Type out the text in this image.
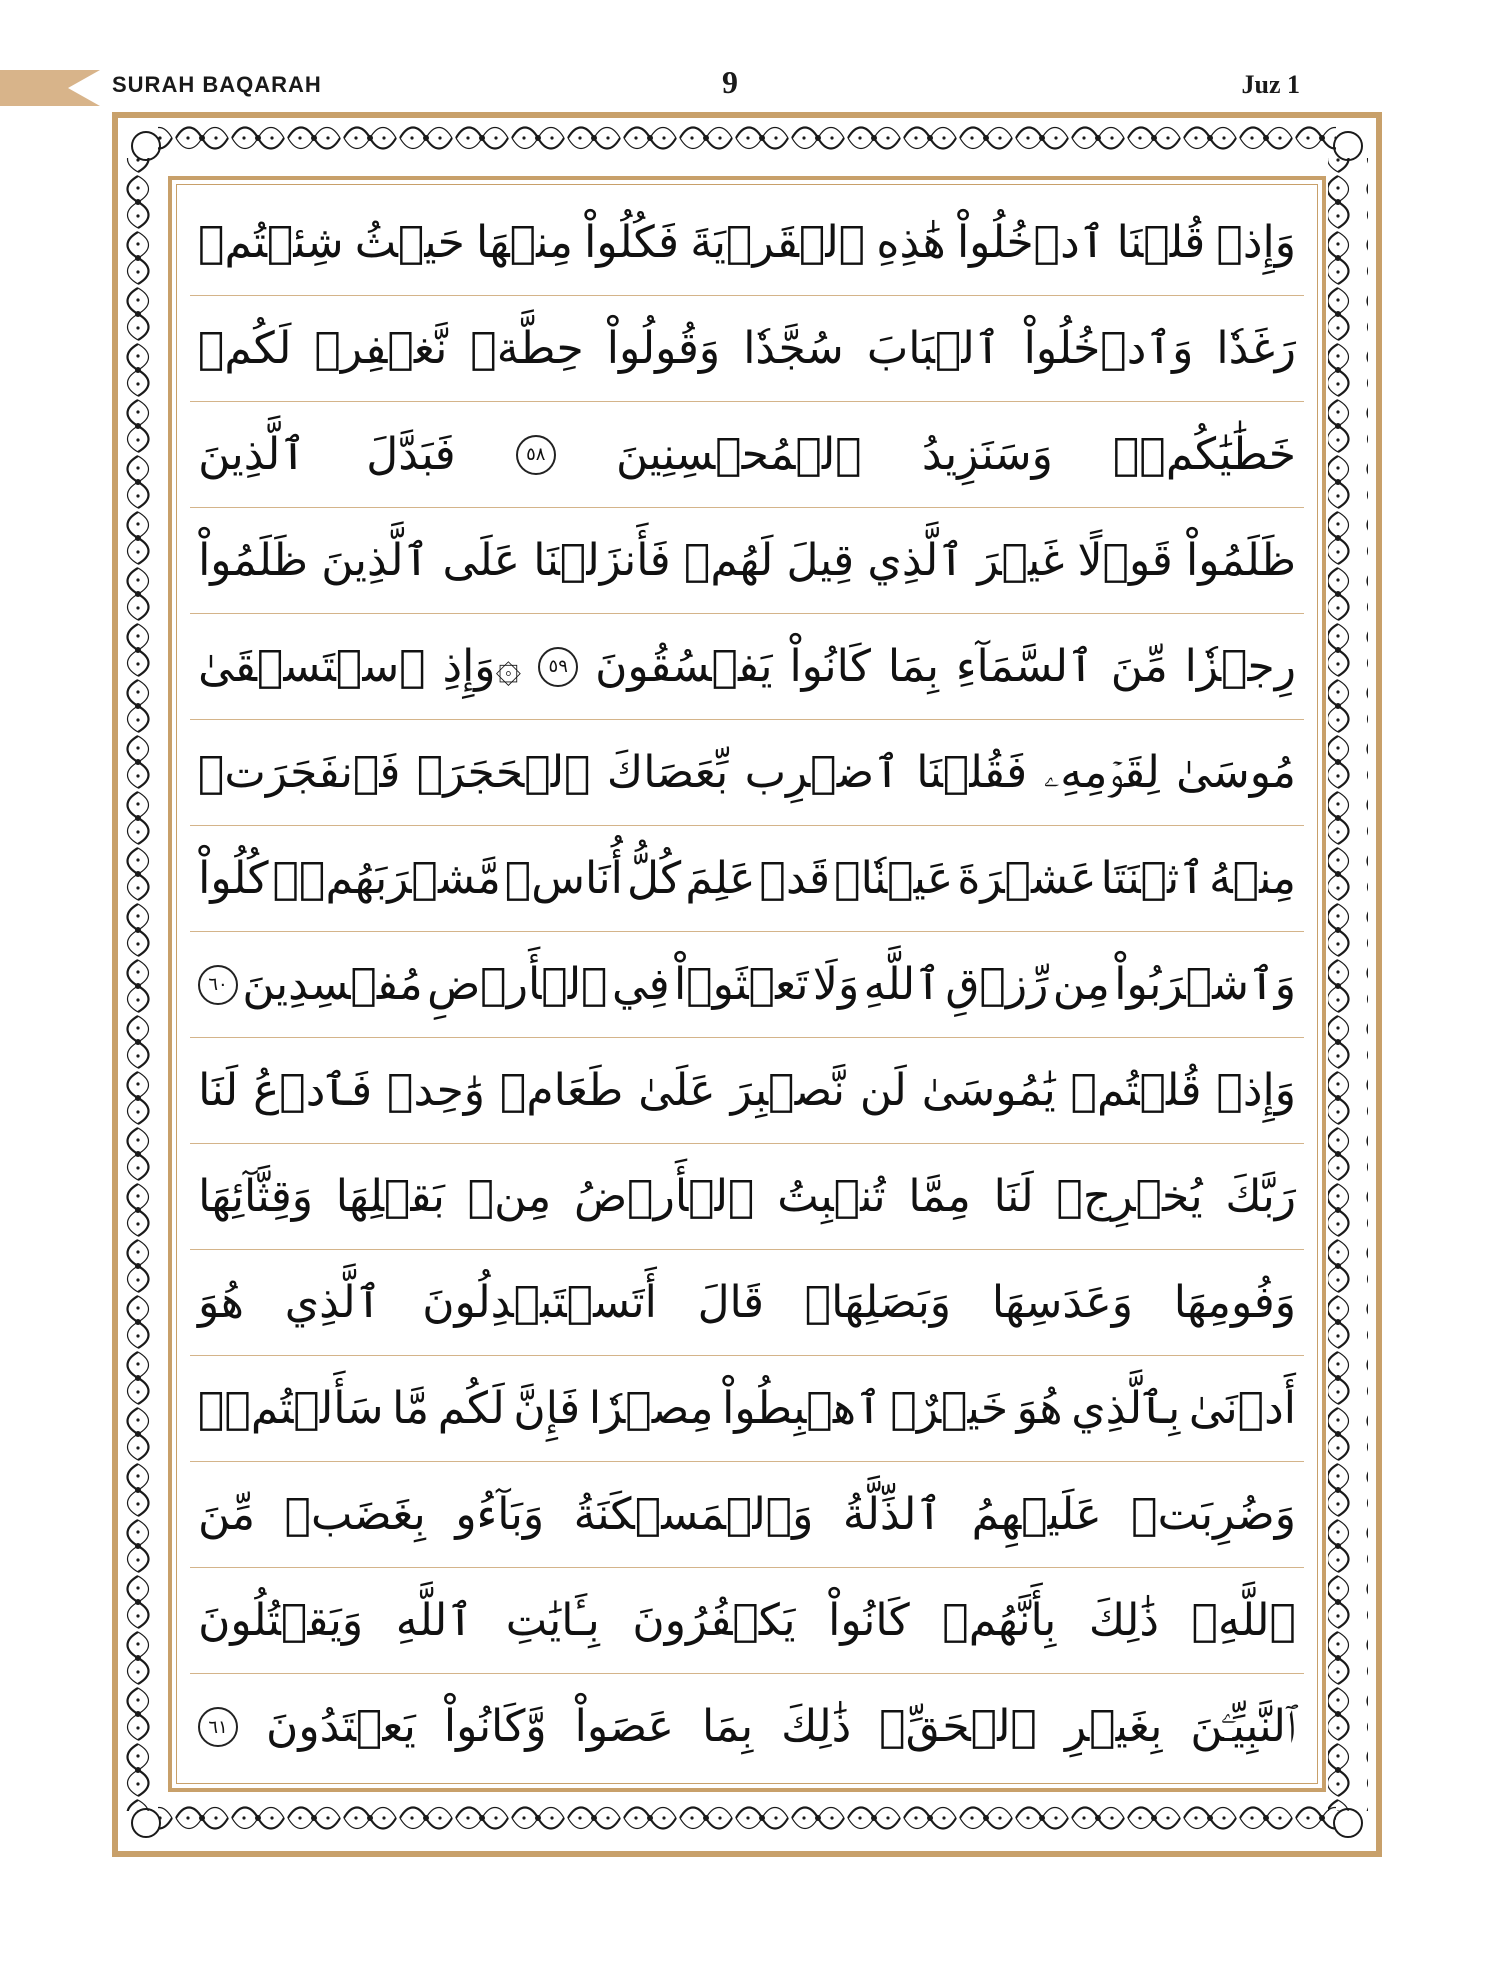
SURAH BAQARAH	9	Juz 1
وَإِذۡ
قُلۡنَا
ٱدۡخُلُواْ
هَٰذِهِ
ٱلۡقَرۡيَةَ
فَكُلُواْ
مِنۡهَا
حَيۡثُ
شِئۡتُمۡ
رَغَدٗا
وَٱدۡخُلُواْ
ٱلۡبَابَ
سُجَّدٗا
وَقُولُواْ
حِطَّةٞ
نَّغۡفِرۡ
لَكُمۡ
خَطَٰيَٰكُمۡۚ
وَسَنَزِيدُ
ٱلۡمُحۡسِنِينَ
٥٨
فَبَدَّلَ
ٱلَّذِينَ
ظَلَمُواْ
قَوۡلًا
غَيۡرَ
ٱلَّذِي
قِيلَ
لَهُمۡ
فَأَنزَلۡنَا
عَلَى
ٱلَّذِينَ
ظَلَمُواْ
رِجۡزٗا
مِّنَ
ٱلسَّمَآءِ
بِمَا
كَانُواْ
يَفۡسُقُونَ
٥٩
۞وَإِذِ
ٱسۡتَسۡقَىٰ
مُوسَىٰ
لِقَوۡمِهِۦ
فَقُلۡنَا
ٱضۡرِب
بِّعَصَاكَ
ٱلۡحَجَرَۖ
فَٱنفَجَرَتۡ
مِنۡهُ
ٱثۡنَتَا
عَشۡرَةَ
عَيۡنٗاۖ
قَدۡ
عَلِمَ
كُلُّ
أُنَاسٖ
مَّشۡرَبَهُمۡۖ
كُلُواْ
وَٱشۡرَبُواْ
مِن
رِّزۡقِ
ٱللَّهِ
وَلَا
تَعۡثَوۡاْ
فِي
ٱلۡأَرۡضِ
مُفۡسِدِينَ
٦٠
وَإِذۡ
قُلۡتُمۡ
يَٰمُوسَىٰ
لَن
نَّصۡبِرَ
عَلَىٰ
طَعَامٖ
وَٰحِدٖ
فَٱدۡعُ
لَنَا
رَبَّكَ
يُخۡرِجۡ
لَنَا
مِمَّا
تُنۢبِتُ
ٱلۡأَرۡضُ
مِنۢ
بَقۡلِهَا
وَقِثَّآئِهَا
وَفُومِهَا
وَعَدَسِهَا
وَبَصَلِهَاۖ
قَالَ
أَتَسۡتَبۡدِلُونَ
ٱلَّذِي
هُوَ
أَدۡنَىٰ
بِٱلَّذِي
هُوَ
خَيۡرٌۚ
ٱهۡبِطُواْ
مِصۡرٗا
فَإِنَّ
لَكُم
مَّا
سَأَلۡتُمۡۗ
وَضُرِبَتۡ
عَلَيۡهِمُ
ٱلذِّلَّةُ
وَٱلۡمَسۡكَنَةُ
وَبَآءُو
بِغَضَبٖ
مِّنَ
ٱللَّهِۗ
ذَٰلِكَ
بِأَنَّهُمۡ
كَانُواْ
يَكۡفُرُونَ
بِـَٔايَٰتِ
ٱللَّهِ
وَيَقۡتُلُونَ
ٱلنَّبِيِّـۧنَ
بِغَيۡرِ
ٱلۡحَقِّۗ
ذَٰلِكَ
بِمَا
عَصَواْ
وَّكَانُواْ
يَعۡتَدُونَ
٦١
